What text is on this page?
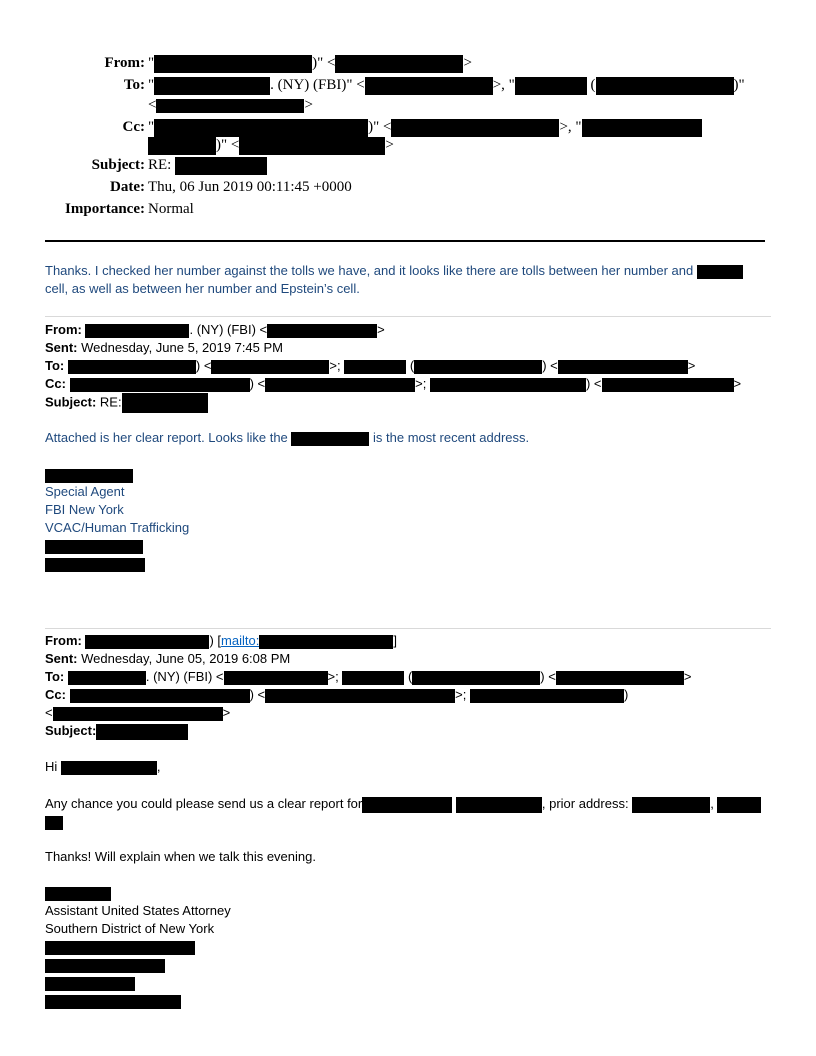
From: "	)" <	>
To: "	. (NY) (FBI)" <	>, "	(	)"
<	>
Cc: "	)" <	>, "
)" <	>
Subject: RE:
Date: Thu, 06 Jun 2019 00:11:45 +0000
Importance: Normal
Thanks. I checked her number against the tolls we have, and it looks like there are tolls between her number and
cell, as well as between her number and Epstein’s cell.
From:	. (NY) (FBI) <	>
Sent: Wednesday, June 5, 2019 7:45 PM
To:	) <	>;	(	) <	>
Cc:	) <	>;	) <	>
Subject: RE:
Attached is her clear report. Looks like the	is the most recent address.
Special Agent
FBI New York
VCAC/Human Trafficking
From:	) [mailto:	]
Sent: Wednesday, June 05, 2019 6:08 PM
To:	. (NY) (FBI) <	>;	(	) <	>
Cc:	) <	>;	)
<	>
Subject:
Hi	,
Any chance you could please send us a clear report for	, prior address:	,
Thanks! Will explain when we talk this evening.
Assistant United States Attorney
Southern District of New York
